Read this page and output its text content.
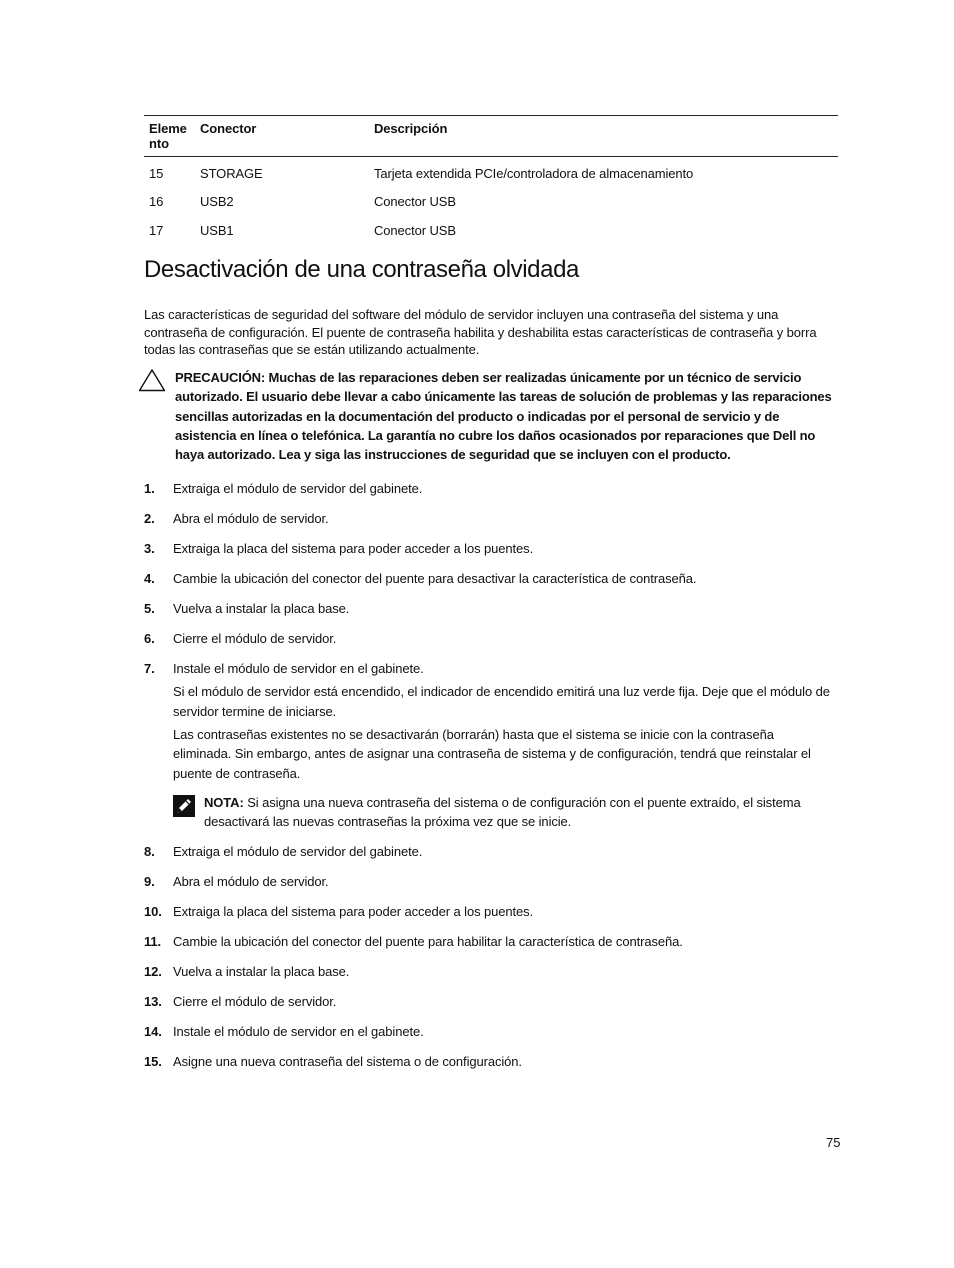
Eleme
nto	Conector	Descripción
15	STORAGE	Tarjeta extendida PCIe/controladora de almacenamiento
16	USB2	Conector USB
17	USB1	Conector USB
Desactivación de una contraseña olvidada

Las características de seguridad del software del módulo de servidor incluyen una contraseña del sistema y una contraseña de configuración. El puente de contraseña habilita y deshabilita estas características de contraseña y borra todas las contraseñas que se están utilizando actualmente.

PRECAUCIÓN: Muchas de las reparaciones deben ser realizadas únicamente por un técnico de servicio autorizado. El usuario debe llevar a cabo únicamente las tareas de solución de problemas y las reparaciones sencillas autorizadas en la documentación del producto o indicadas por el personal de servicio y de asistencia en línea o telefónica. La garantía no cubre los daños ocasionados por reparaciones que Dell no haya autorizado. Lea y siga las instrucciones de seguridad que se incluyen con el producto.

1. Extraiga el módulo de servidor del gabinete.
2. Abra el módulo de servidor.
3. Extraiga la placa del sistema para poder acceder a los puentes.
4. Cambie la ubicación del conector del puente para desactivar la característica de contraseña.
5. Vuelva a instalar la placa base.
6. Cierre el módulo de servidor.
7. Instale el módulo de servidor en el gabinete.
Si el módulo de servidor está encendido, el indicador de encendido emitirá una luz verde fija. Deje que el módulo de servidor termine de iniciarse.
Las contraseñas existentes no se desactivarán (borrarán) hasta que el sistema se inicie con la contraseña eliminada. Sin embargo, antes de asignar una contraseña de sistema y de configuración, tendrá que reinstalar el puente de contraseña.
NOTA: Si asigna una nueva contraseña del sistema o de configuración con el puente extraído, el sistema desactivará las nuevas contraseñas la próxima vez que se inicie.
8. Extraiga el módulo de servidor del gabinete.
9. Abra el módulo de servidor.
10. Extraiga la placa del sistema para poder acceder a los puentes.
11. Cambie la ubicación del conector del puente para habilitar la característica de contraseña.
12. Vuelva a instalar la placa base.
13. Cierre el módulo de servidor.
14. Instale el módulo de servidor en el gabinete.
15. Asigne una nueva contraseña del sistema o de configuración.
75
